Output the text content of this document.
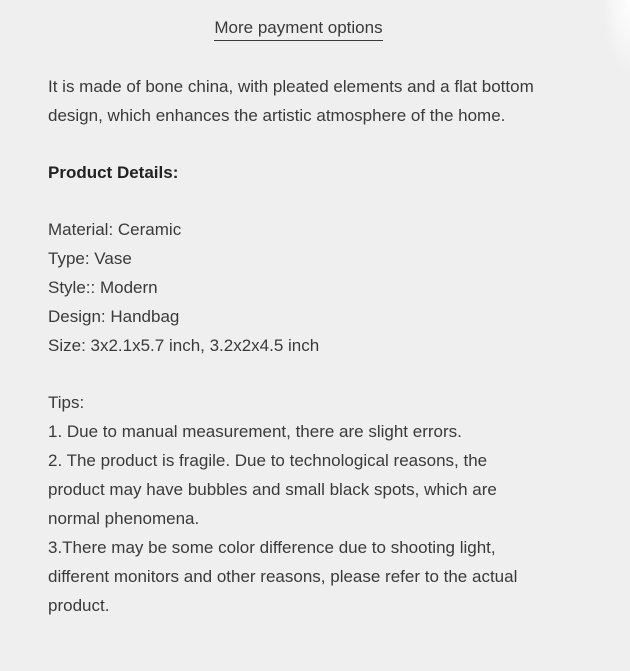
More payment options

It is made of bone china, with pleated elements and a flat bottom design, which enhances the artistic atmosphere of the home.

Product Details:

Material: Ceramic

Type: Vase

Style:: Modern

Design: Handbag

Size: 3x2.1x5.7 inch, 3.2x2x4.5 inch

Tips:

1. Due to manual measurement, there are slight errors.

2. The product is fragile. Due to technological reasons, the product may have bubbles and small black spots, which are normal phenomena.

3.There may be some color difference due to shooting light, different monitors and other reasons, please refer to the actual product.
